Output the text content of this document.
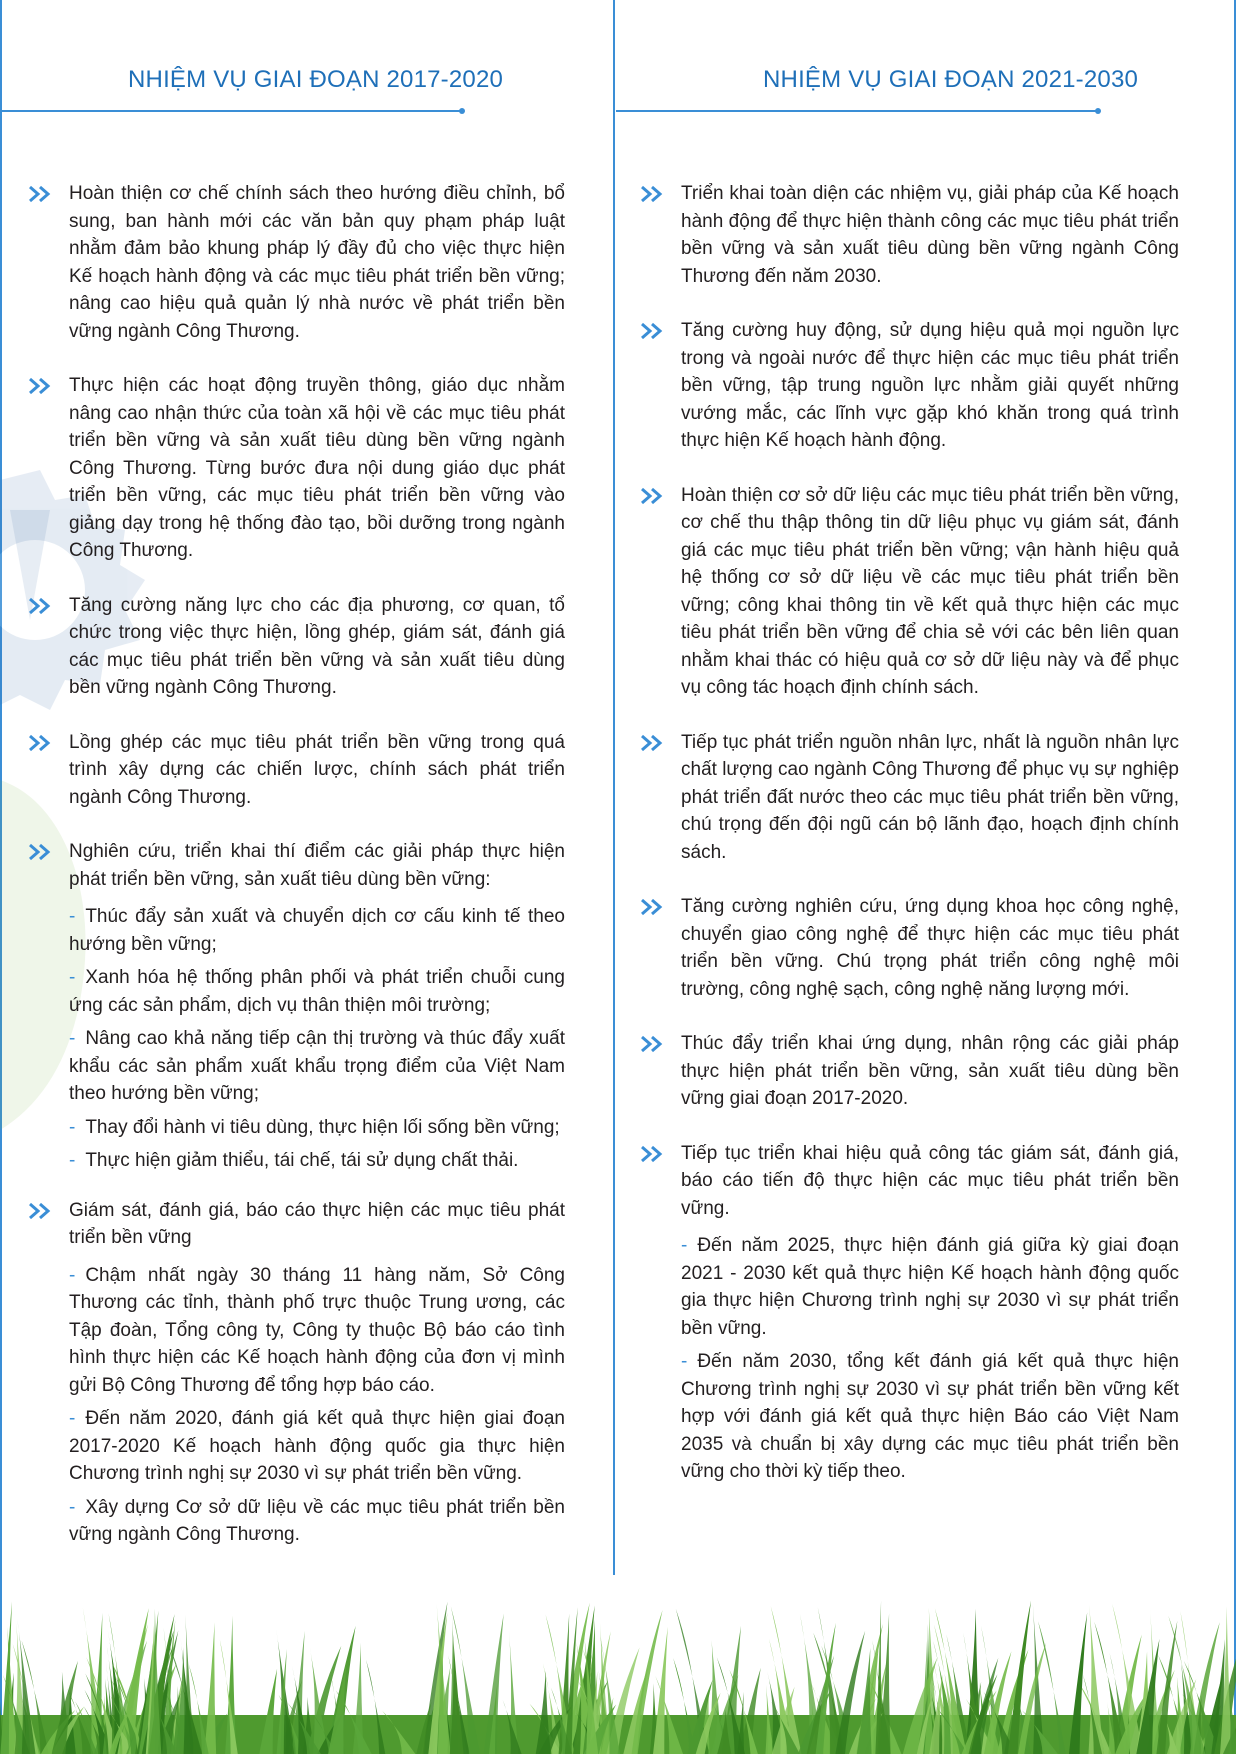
NHIỆM VỤ GIAI ĐOẠN 2017-2020

Hoàn thiện cơ chế chính sách theo hướng điều chỉnh, bổ sung, ban hành mới các văn bản quy phạm pháp luật nhằm đảm bảo khung pháp lý đầy đủ cho việc thực hiện Kế hoạch hành động và các mục tiêu phát triển bền vững; nâng cao hiệu quả quản lý nhà nước về phát triển bền vững ngành Công Thương.

Thực hiện các hoạt động truyền thông, giáo dục nhằm nâng cao nhận thức của toàn xã hội về các mục tiêu phát triển bền vững và sản xuất tiêu dùng bền vững ngành Công Thương. Từng bước đưa nội dung giáo dục phát triển bền vững, các mục tiêu phát triển bền vững vào giảng dạy trong hệ thống đào tạo, bồi dưỡng trong ngành Công Thương.

Tăng cường năng lực cho các địa phương, cơ quan, tổ chức trong việc thực hiện, lồng ghép, giám sát, đánh giá các mục tiêu phát triển bền vững và sản xuất tiêu dùng bền vững ngành Công Thương.

Lồng ghép các mục tiêu phát triển bền vững trong quá trình xây dựng các chiến lược, chính sách phát triển ngành Công Thương.

Nghiên cứu, triển khai thí điểm các giải pháp thực hiện phát triển bền vững, sản xuất tiêu dùng bền vững:

- Thúc đẩy sản xuất và chuyển dịch cơ cấu kinh tế theo hướng bền vững;
- Xanh hóa hệ thống phân phối và phát triển chuỗi cung ứng các sản phẩm, dịch vụ thân thiện môi trường;
- Nâng cao khả năng tiếp cận thị trường và thúc đẩy xuất khẩu các sản phẩm xuất khẩu trọng điểm của Việt Nam theo hướng bền vững;
- Thay đổi hành vi tiêu dùng, thực hiện lối sống bền vững;
- Thực hiện giảm thiểu, tái chế, tái sử dụng chất thải.

Giám sát, đánh giá, báo cáo thực hiện các mục tiêu phát triển bền vững

- Chậm nhất ngày 30 tháng 11 hàng năm, Sở Công Thương các tỉnh, thành phố trực thuộc Trung ương, các Tập đoàn, Tổng công ty, Công ty thuộc Bộ báo cáo tình hình thực hiện các Kế hoạch hành động của đơn vị mình gửi Bộ Công Thương để tổng hợp báo cáo.
- Đến năm 2020, đánh giá kết quả thực hiện giai đoạn 2017-2020 Kế hoạch hành động quốc gia thực hiện Chương trình nghị sự 2030 vì sự phát triển bền vững.
- Xây dựng Cơ sở dữ liệu về các mục tiêu phát triển bền vững ngành Công Thương.
NHIỆM VỤ GIAI ĐOẠN 2021-2030

Triển khai toàn diện các nhiệm vụ, giải pháp của Kế hoạch hành động để thực hiện thành công các mục tiêu phát triển bền vững và sản xuất tiêu dùng bền vững ngành Công Thương đến năm 2030.

Tăng cường huy động, sử dụng hiệu quả mọi nguồn lực trong và ngoài nước để thực hiện các mục tiêu phát triển bền vững, tập trung nguồn lực nhằm giải quyết những vướng mắc, các lĩnh vực gặp khó khăn trong quá trình thực hiện Kế hoạch hành động.

Hoàn thiện cơ sở dữ liệu các mục tiêu phát triển bền vững, cơ chế thu thập thông tin dữ liệu phục vụ giám sát, đánh giá các mục tiêu phát triển bền vững; vận hành hiệu quả hệ thống cơ sở dữ liệu về các mục tiêu phát triển bền vững; công khai thông tin về kết quả thực hiện các mục tiêu phát triển bền vững để chia sẻ với các bên liên quan nhằm khai thác có hiệu quả cơ sở dữ liệu này và để phục vụ công tác hoạch định chính sách.

Tiếp tục phát triển nguồn nhân lực, nhất là nguồn nhân lực chất lượng cao ngành Công Thương để phục vụ sự nghiệp phát triển đất nước theo các mục tiêu phát triển bền vững, chú trọng đến đội ngũ cán bộ lãnh đạo, hoạch định chính sách.

Tăng cường nghiên cứu, ứng dụng khoa học công nghệ, chuyển giao công nghệ để thực hiện các mục tiêu phát triển bền vững. Chú trọng phát triển công nghệ môi trường, công nghệ sạch, công nghệ năng lượng mới.

Thúc đẩy triển khai ứng dụng, nhân rộng các giải pháp thực hiện phát triển bền vững, sản xuất tiêu dùng bền vững giai đoạn 2017-2020.

Tiếp tục triển khai hiệu quả công tác giám sát, đánh giá, báo cáo tiến độ thực hiện các mục tiêu phát triển bền vững.

- Đến năm 2025, thực hiện đánh giá giữa kỳ giai đoạn 2021 - 2030 kết quả thực hiện Kế hoạch hành động quốc gia thực hiện Chương trình nghị sự 2030 vì sự phát triển bền vững.
- Đến năm 2030, tổng kết đánh giá kết quả thực hiện Chương trình nghị sự 2030 vì sự phát triển bền vững kết hợp với đánh giá kết quả thực hiện Báo cáo Việt Nam 2035 và chuẩn bị xây dựng các mục tiêu phát triển bền vững cho thời kỳ tiếp theo.
